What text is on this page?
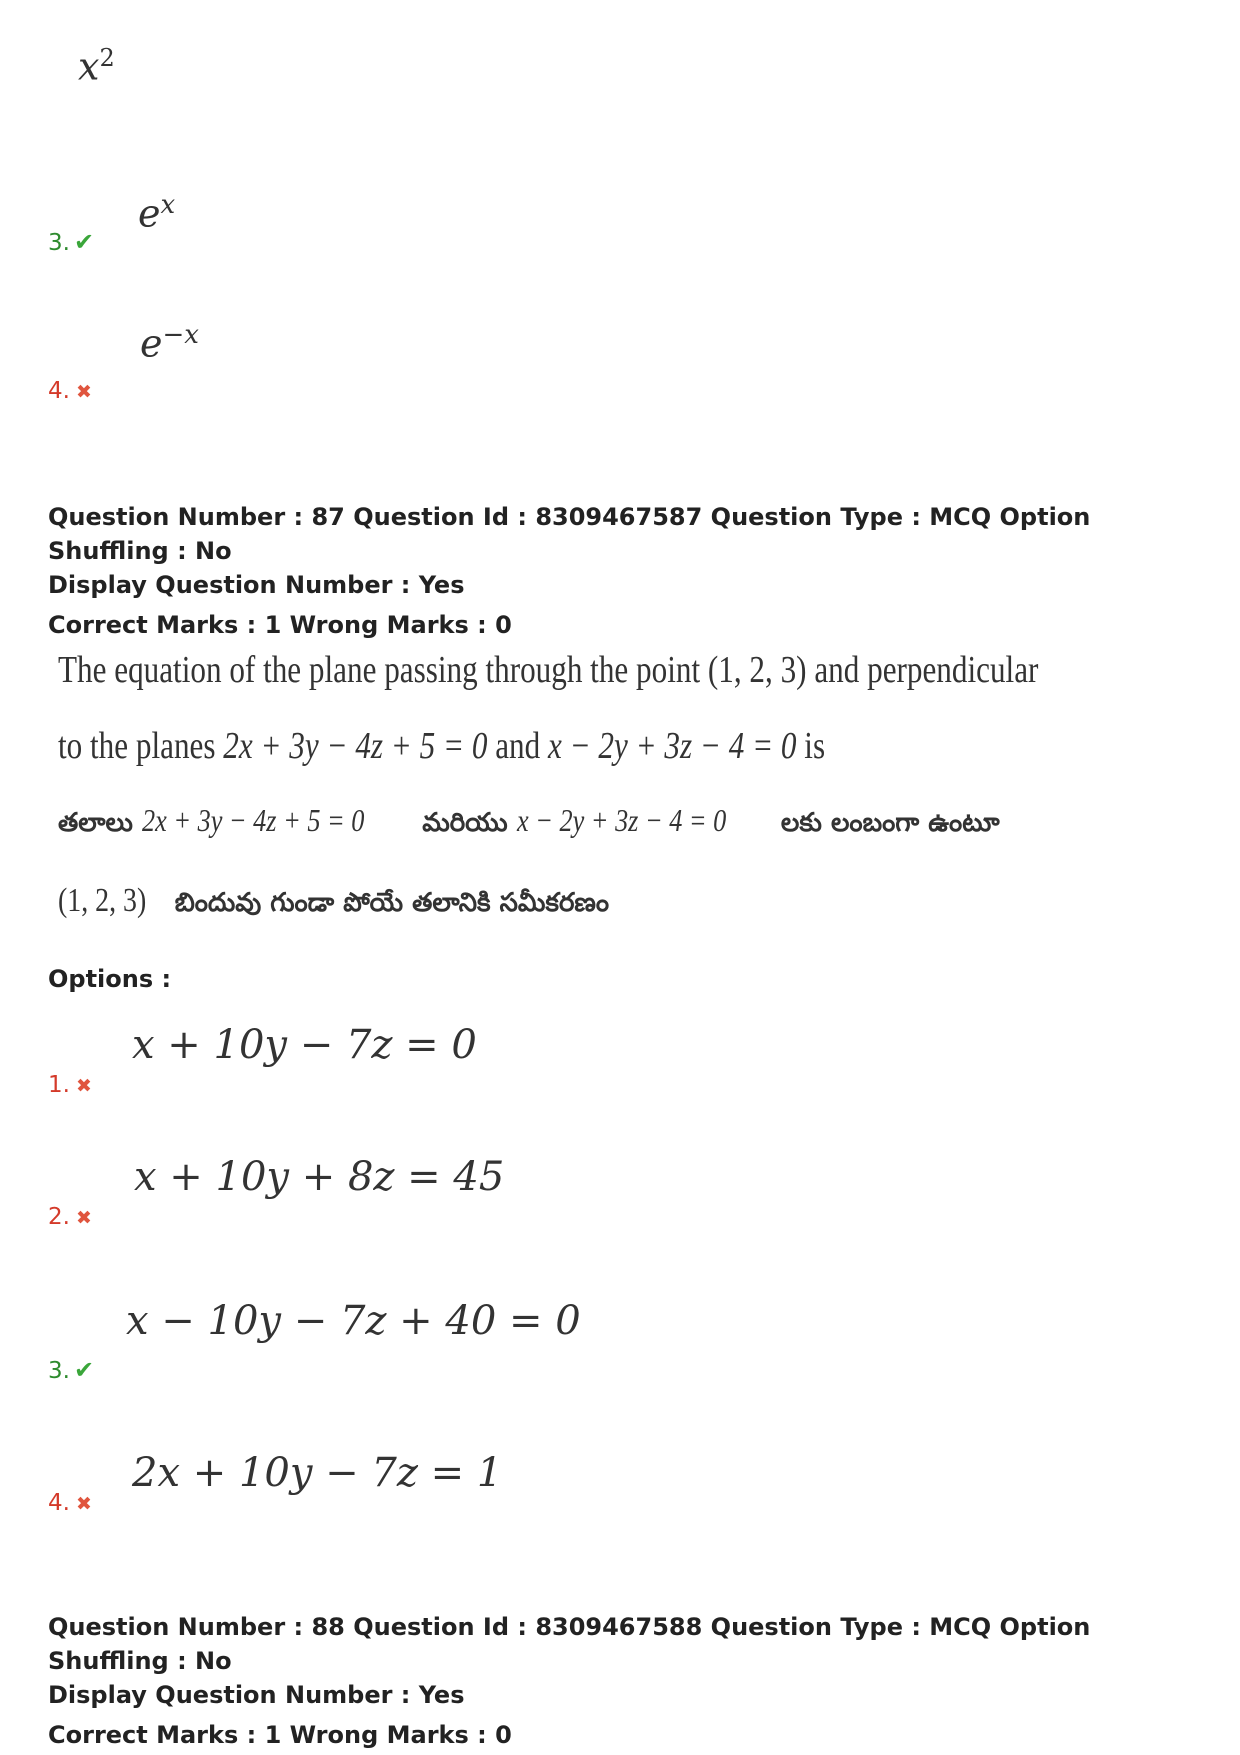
$x^2$
3. ✔
$e^x$
4. ✖
$e^{-x}$
Question Number : 87 Question Id : 8309467587 Question Type : MCQ Option Shuffling : No
Display Question Number : Yes
Correct Marks : 1 Wrong Marks : 0
The equation of the plane passing through the point (1, 2, 3) and perpendicular
to the planes 2x + 3y − 4z + 5 = 0 and x − 2y + 3z − 4 = 0 is
తలాలు 2x + 3y − 4z + 5 = 0 మరియు x − 2y + 3z − 4 = 0 లకు లంబంగా ఉంటూ
(1, 2, 3) బిందువు గుండా పోయే తలానికి సమీకరణం
Options :
1. ✖
x + 10y − 7z = 0
2. ✖
x + 10y + 8z = 45
3. ✔
x − 10y − 7z + 40 = 0
4. ✖
2x + 10y − 7z = 1
Question Number : 88 Question Id : 8309467588 Question Type : MCQ Option Shuffling : No
Display Question Number : Yes
Correct Marks : 1 Wrong Marks : 0
